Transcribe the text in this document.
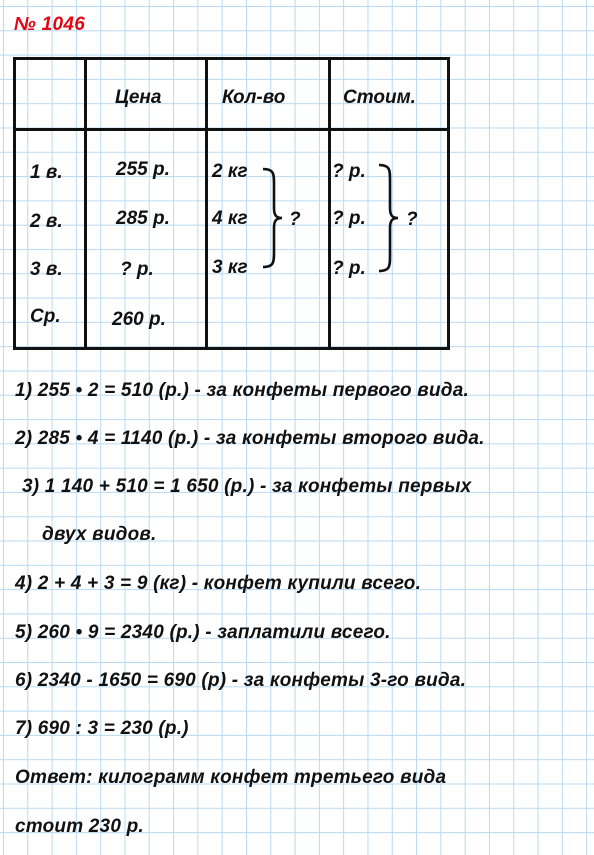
№ 1046
Цена	Кол-во	Стоим.
1 в.
2 в.
3 в.
Ср.
255 р.
285 р.
? р.
260 р.
2 кг
4 кг
3 кг
?
? р.
? р.
? р.
?
1) 255 • 2 = 510 (р.) - за конфеты первого вида.
2) 285 • 4 = 1140 (р.) - за конфеты второго вида.
3) 1 140 + 510 = 1 650 (р.) - за конфеты первых
двух видов.
4) 2 + 4 + 3 = 9 (кг) - конфет купили всего.
5) 260 • 9 = 2340 (р.) - заплатили всего.
6) 2340 - 1650 = 690 (р) - за конфеты 3-го вида.
7) 690 : 3 = 230 (р.)
Ответ: килограмм конфет третьего вида
стоит 230 р.
